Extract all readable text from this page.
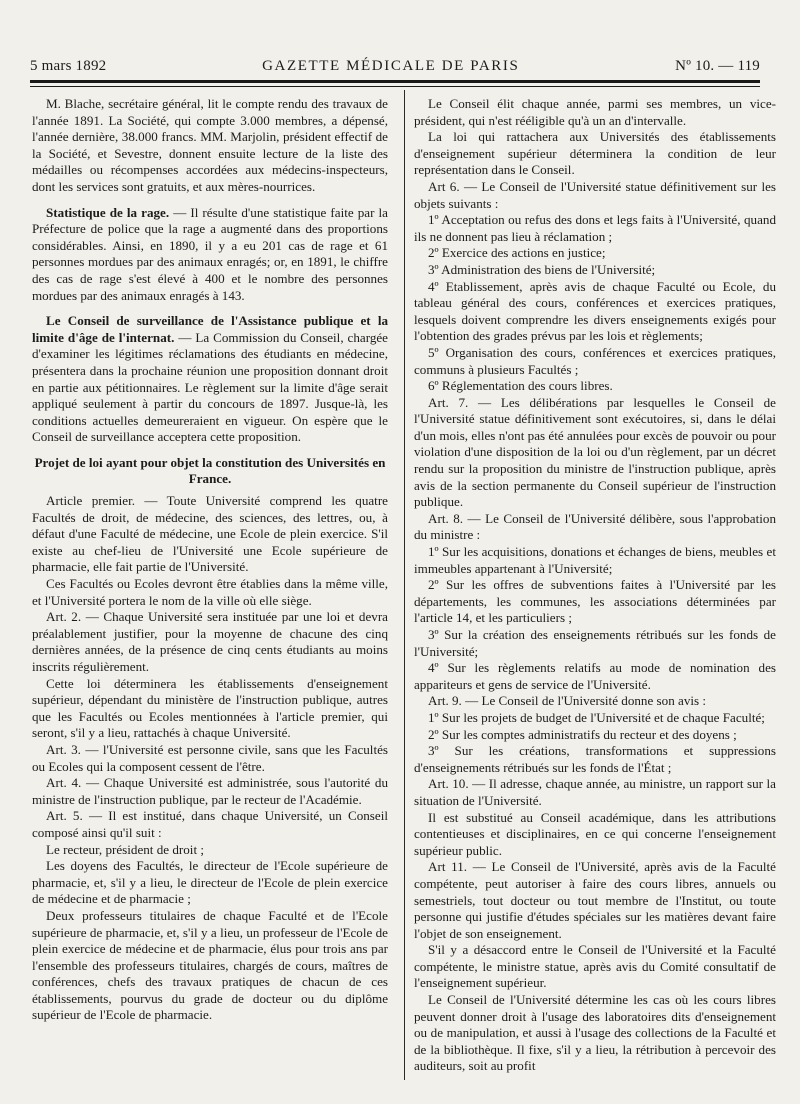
5 mars 1892	GAZETTE MÉDICALE DE PARIS	Nº 10. — 119

M. Blache, secrétaire général, lit le compte rendu des travaux de l'année 1891. La Société, qui compte 3.000 membres, a dépensé, l'année dernière, 38.000 francs. MM. Marjolin, président effectif de la Société, et Sevestre, donnent ensuite lecture de la liste des médailles ou récompenses accordées aux médecins-inspecteurs, dont les services sont gratuits, et aux mères-nourrices.

Statistique de la rage. — Il résulte d'une statistique faite par la Préfecture de police que la rage a augmenté dans des proportions considérables. Ainsi, en 1890, il y a eu 201 cas de rage et 61 personnes mordues par des animaux enragés; or, en 1891, le chiffre des cas de rage s'est élevé à 400 et le nombre des personnes mordues par des animaux enragés à 143.

Le Conseil de surveillance de l'Assistance publique et la limite d'âge de l'internat. — La Commission du Conseil, chargée d'examiner les légitimes réclamations des étudiants en médecine, présentera dans la prochaine réunion une proposition donnant droit en partie aux pétitionnaires. Le règlement sur la limite d'âge serait appliqué seulement à partir du concours de 1897. Jusque-là, les conditions actuelles demeureraient en vigueur. On espère que le Conseil de surveillance acceptera cette proposition.

Projet de loi ayant pour objet la constitution des Universités en France.

Article premier. — Toute Université comprend les quatre Facultés de droit, de médecine, des sciences, des lettres, ou, à défaut d'une Faculté de médecine, une Ecole de plein exercice. S'il existe au chef-lieu de l'Université une Ecole supérieure de pharmacie, elle fait partie de l'Université.

Ces Facultés ou Ecoles devront être établies dans la même ville, et l'Université portera le nom de la ville où elle siège.

Art. 2. — Chaque Université sera instituée par une loi et devra préalablement justifier, pour la moyenne de chacune des cinq dernières années, de la présence de cinq cents étudiants au moins inscrits régulièrement.

Cette loi déterminera les établissements d'enseignement supérieur, dépendant du ministère de l'instruction publique, autres que les Facultés ou Ecoles mentionnées à l'article premier, qui seront, s'il y a lieu, rattachés à chaque Université.

Art. 3. — l'Université est personne civile, sans que les Facultés ou Ecoles qui la composent cessent de l'être.

Art. 4. — Chaque Université est administrée, sous l'autorité du ministre de l'instruction publique, par le recteur de l'Académie.

Art. 5. — Il est institué, dans chaque Université, un Conseil composé ainsi qu'il suit :

Le recteur, président de droit ;

Les doyens des Facultés, le directeur de l'Ecole supérieure de pharmacie, et, s'il y a lieu, le directeur de l'Ecole de plein exercice de médecine et de pharmacie ;

Deux professeurs titulaires de chaque Faculté et de l'Ecole supérieure de pharmacie, et, s'il y a lieu, un professeur de l'Ecole de plein exercice de médecine et de pharmacie, élus pour trois ans par l'ensemble des professeurs titulaires, chargés de cours, maîtres de conférences, chefs des travaux pratiques de chacun de ces établissements, pourvus du grade de docteur ou du diplôme supérieur de l'Ecole de pharmacie.

Le Conseil élit chaque année, parmi ses membres, un vice-président, qui n'est rééligible qu'à un an d'intervalle.

La loi qui rattachera aux Universités des établissements d'enseignement supérieur déterminera la condition de leur représentation dans le Conseil.

Art 6. — Le Conseil de l'Université statue définitivement sur les objets suivants :

1º Acceptation ou refus des dons et legs faits à l'Université, quand ils ne donnent pas lieu à réclamation ;

2º Exercice des actions en justice;

3º Administration des biens de l'Université;

4º Etablissement, après avis de chaque Faculté ou Ecole, du tableau général des cours, conférences et exercices pratiques, lesquels doivent comprendre les divers enseignements exigés pour l'obtention des grades prévus par les lois et règlements;

5º Organisation des cours, conférences et exercices pratiques, communs à plusieurs Facultés ;

6º Réglementation des cours libres.

Art. 7. — Les délibérations par lesquelles le Conseil de l'Université statue définitivement sont exécutoires, si, dans le délai d'un mois, elles n'ont pas été annulées pour excès de pouvoir ou pour violation d'une disposition de la loi ou d'un règlement, par un décret rendu sur la proposition du ministre de l'instruction publique, après avis de la section permanente du Conseil supérieur de l'instruction publique.

Art. 8. — Le Conseil de l'Université délibère, sous l'approbation du ministre :

1º Sur les acquisitions, donations et échanges de biens, meubles et immeubles appartenant à l'Université;

2º Sur les offres de subventions faites à l'Université par les départements, les communes, les associations déterminées par l'article 14, et les particuliers ;

3º Sur la création des enseignements rétribués sur les fonds de l'Université;

4º Sur les règlements relatifs au mode de nomination des appariteurs et gens de service de l'Université.

Art. 9. — Le Conseil de l'Université donne son avis :

1º Sur les projets de budget de l'Université et de chaque Faculté;

2º Sur les comptes administratifs du recteur et des doyens ;

3º Sur les créations, transformations et suppressions d'enseignements rétribués sur les fonds de l'État ;

Art. 10. — Il adresse, chaque année, au ministre, un rapport sur la situation de l'Université.

Il est substitué au Conseil académique, dans les attributions contentieuses et disciplinaires, en ce qui concerne l'enseignement supérieur public.

Art 11. — Le Conseil de l'Université, après avis de la Faculté compétente, peut autoriser à faire des cours libres, annuels ou semestriels, tout docteur ou tout membre de l'Institut, ou toute personne qui justifie d'études spéciales sur les matières devant faire l'objet de son enseignement.

S'il y a désaccord entre le Conseil de l'Université et la Faculté compétente, le ministre statue, après avis du Comité consultatif de l'enseignement supérieur.

Le Conseil de l'Université détermine les cas où les cours libres peuvent donner droit à l'usage des laboratoires dits d'enseignement ou de manipulation, et aussi à l'usage des collections de la Faculté et de la bibliothèque. Il fixe, s'il y a lieu, la rétribution à percevoir des auditeurs, soit au profit
